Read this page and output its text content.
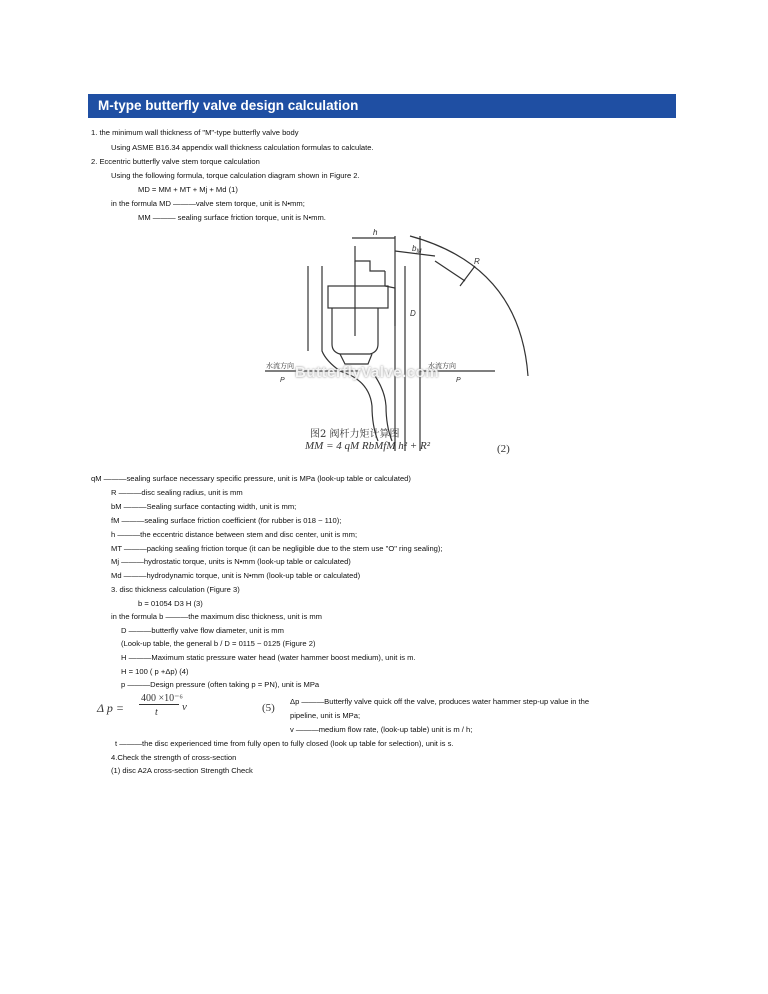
M-type butterfly valve design calculation
1. the minimum wall thickness of "M"-type butterfly valve body
Using ASME B16.34 appendix wall thickness calculation formulas to calculate.
2. Eccentric butterfly valve stem torque calculation
Using the following formula, torque calculation diagram shown in Figure 2.
MD = MM + MT + Mj + Md (1)
in the formula MD ———valve stem torque, unit is N•mm;
MM ——— sealing surface friction torque, unit is N•mm.
h
$b_M$
R
D
水流方向
P
水流方向
P
ButterflyValve.com
图2 阀杆力矩计算图
MM = 4 qM RbMfM h² + R²	(2)
qM ———sealing surface necessary specific pressure, unit is MPa (look-up table or calculated)
R ———disc sealing radius, unit is mm
bM ———Sealing surface contacting width, unit is mm;
fM ———sealing surface friction coefficient (for rubber is 018 ~ 110);
h ———the eccentric distance between stem and disc center, unit is mm;
MT ———packing sealing friction torque (it can be negligible due to the stem use "O" ring sealing);
Mj ———hydrostatic torque, units is N•mm (look-up table or calculated)
Md ———hydrodynamic torque, unit is N•mm (look-up table or calculated)
3. disc thickness calculation (Figure 3)
b = 01054 D3 H (3)
in the formula b ———the maximum disc thickness, unit is mm
D ———butterfly valve flow diameter, unit is mm
(Look-up table, the general b / D = 0115 ~ 0125 (Figure 2)
H ———Maximum static pressure water head (water hammer boost medium), unit is m.
H = 100 ( p +Δp) (4)
p ———Design pressure (often taking p = PN), unit is MPa
Δ p =
400 ×10⁻⁶
t v	(5)
Δp ———Butterfly valve quick off the valve, produces water hammer step-up value in the
pipeline, unit is MPa;
v ———medium flow rate, (look-up table) unit is m / h;
t ———the disc experienced time from fully open to fully closed (look up table for selection), unit is s.
4.Check the strength of cross-section
(1) disc A2A cross-section Strength Check
